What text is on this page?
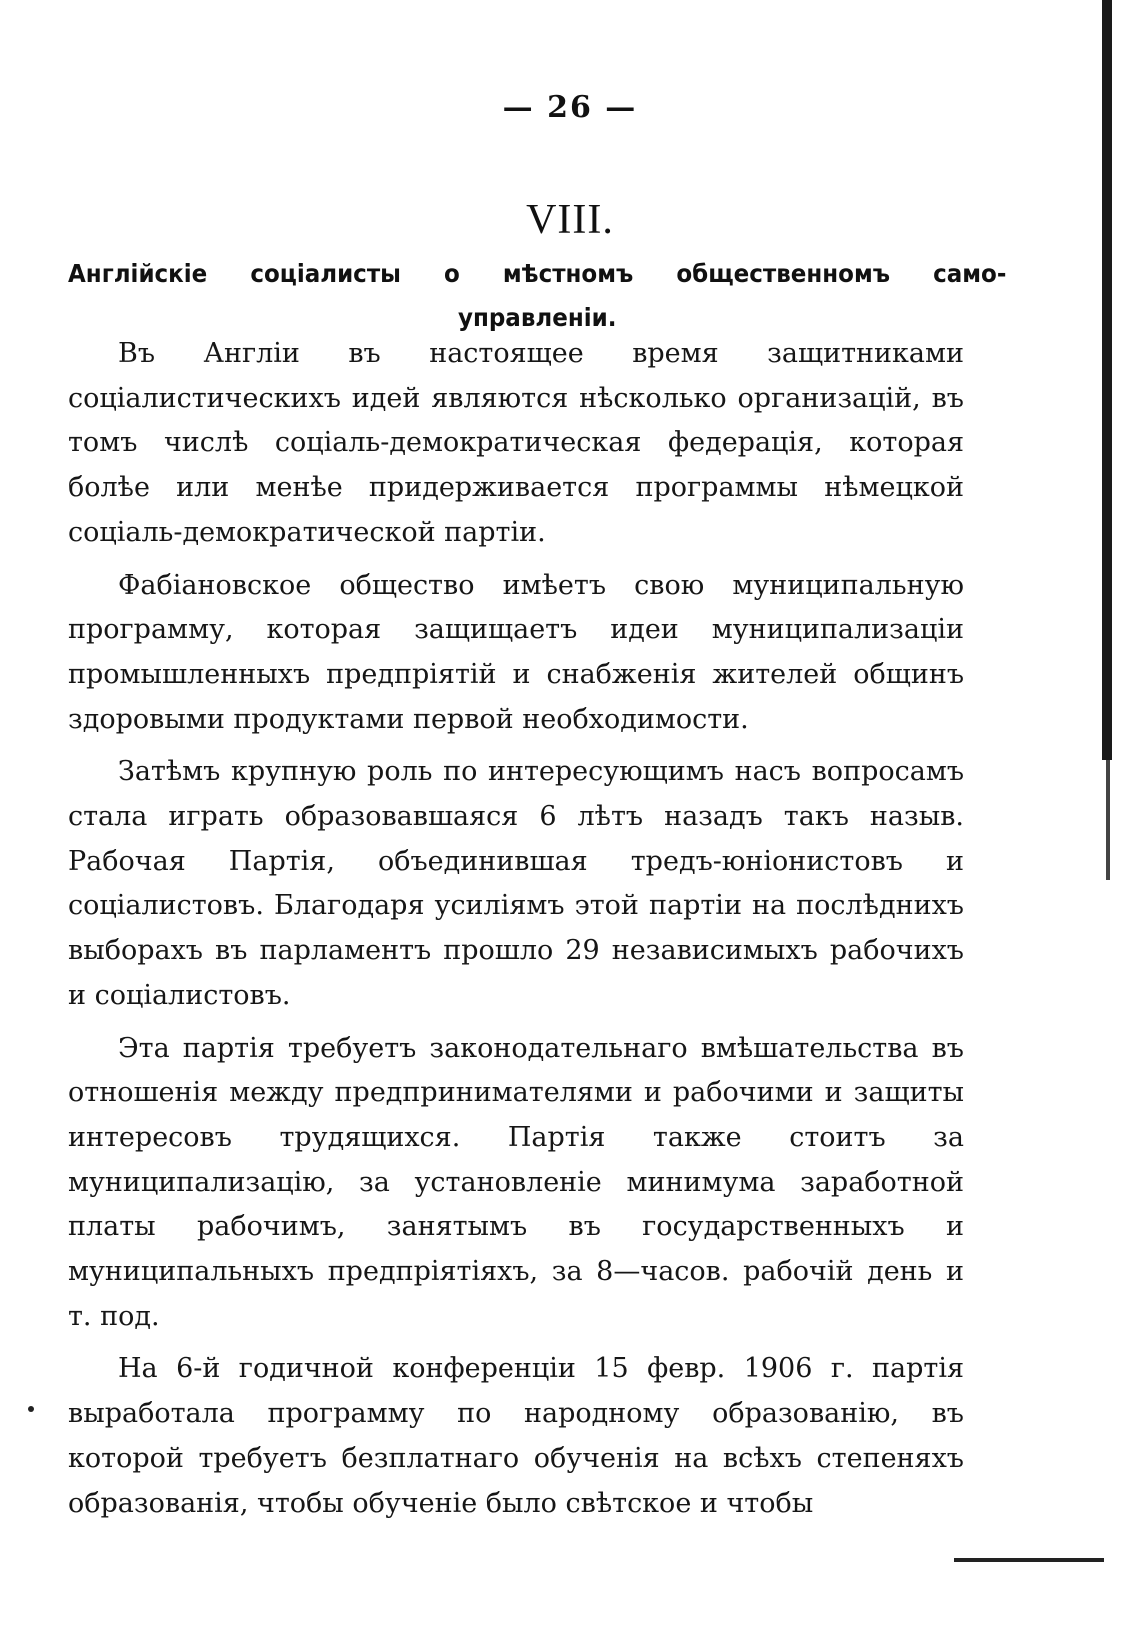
— 26 —
VIII.
Англійскіе соціалисты о мѣстномъ общественномъ само-
управленіи.

Въ Англіи въ настоящее время защитниками соціалистическихъ идей являются нѣсколько организацій, въ томъ числѣ соціаль-демократическая федерація, которая болѣе или менѣе придерживается программы нѣмецкой соціаль-демократической партіи.

Фабіановское общество имѣетъ свою муниципальную программу, которая защищаетъ идеи муниципализаціи промышленныхъ предпріятій и снабженія жителей общинъ здоровыми продуктами первой необходимости.

Затѣмъ крупную роль по интересующимъ насъ вопросамъ стала играть образовавшаяся 6 лѣтъ назадъ такъ назыв. Рабочая Партія, объединившая тредъ-юніонистовъ и соціалистовъ. Благодаря усиліямъ этой партіи на послѣднихъ выборахъ въ парламентъ прошло 29 независимыхъ рабочихъ и соціалистовъ.

Эта партія требуетъ законодательнаго вмѣшательства въ отношенія между предпринимателями и рабочими и защиты интересовъ трудящихся. Партія также стоитъ за муниципализацію, за установленіе минимума заработной платы рабочимъ, занятымъ въ государственныхъ и муниципальныхъ предпріятіяхъ, за 8—часов. рабочій день и т. под.

На 6-й годичной конференціи 15 февр. 1906 г. партія выработала программу по народному образованію, въ которой требуетъ безплатнаго обученія на всѣхъ степеняхъ образованія, чтобы обученіе было свѣтское и чтобы
